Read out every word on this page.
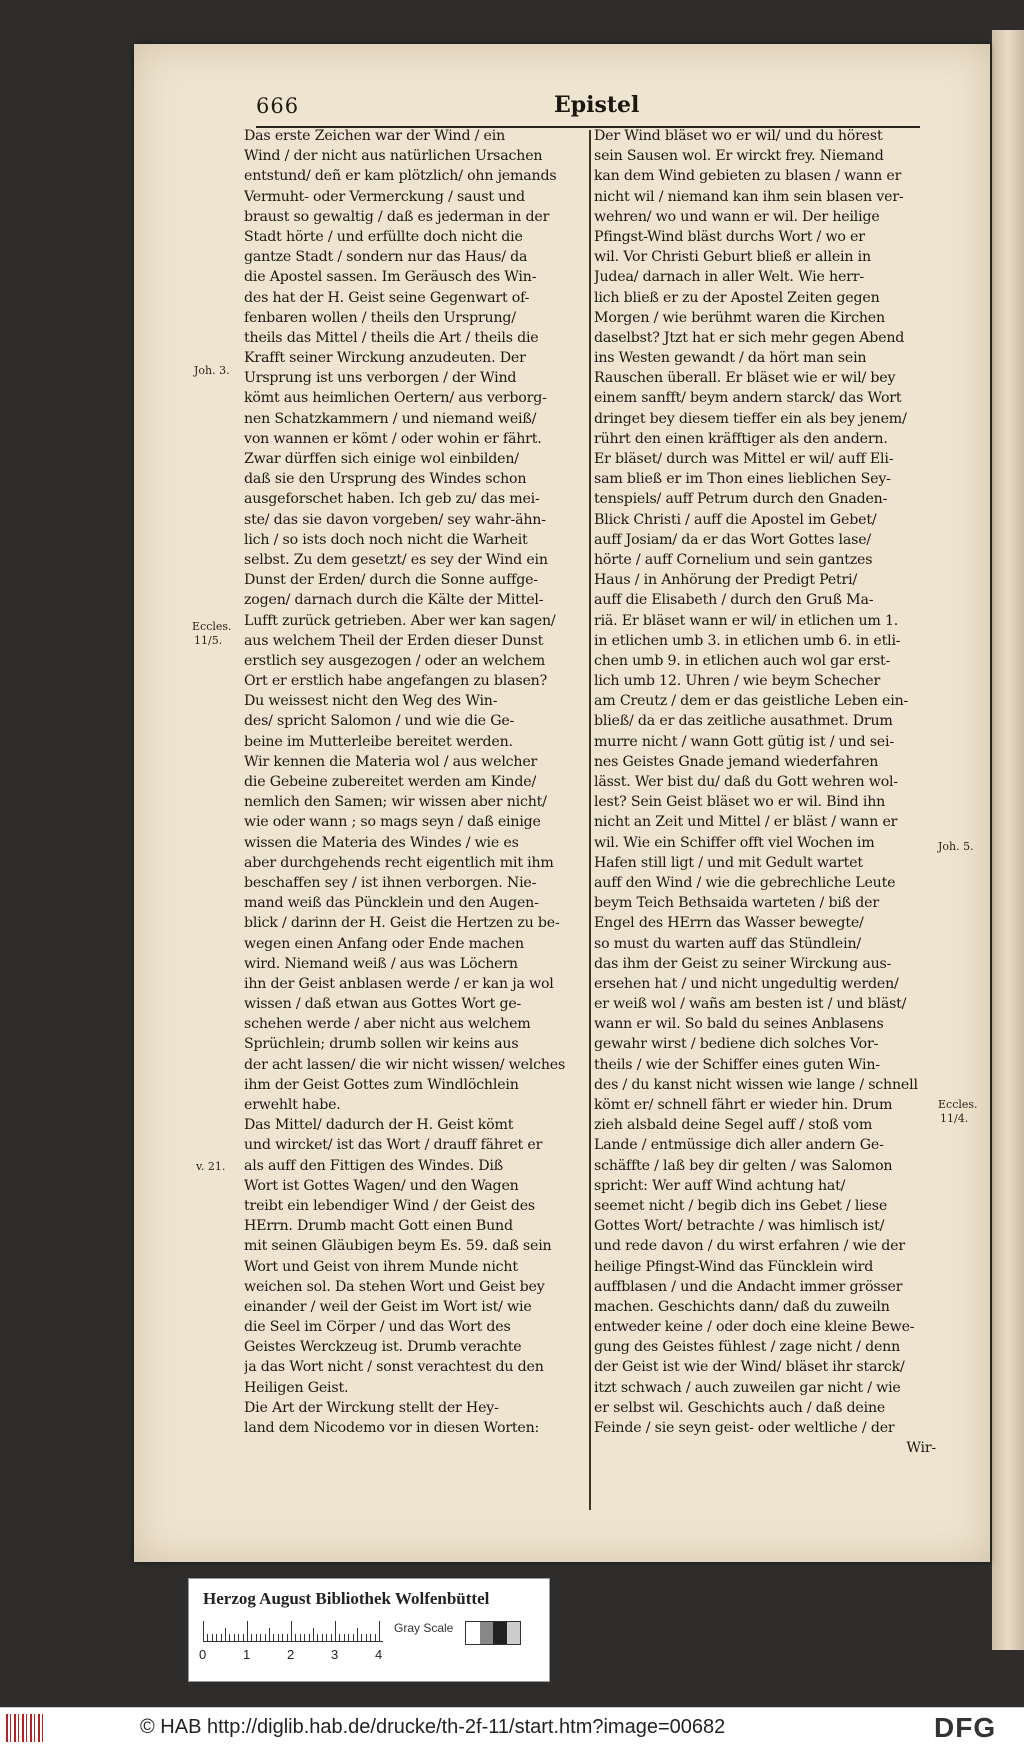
666	Epistel
Das erste Zeichen war der Wind / ein
Wind / der nicht aus natürlichen Ursachen
entstund/ deñ er kam plötzlich/ ohn jemands
Vermuht- oder Vermerckung / saust und
braust so gewaltig / daß es jederman in der
Stadt hörte / und erfüllte doch nicht die
gantze Stadt / sondern nur das Haus/ da
die Apostel sassen. Im Geräusch des Win-
des hat der H. Geist seine Gegenwart of-
fenbaren wollen / theils den Ursprung/
theils das Mittel / theils die Art / theils die
Krafft seiner Wirckung anzudeuten. Der
Ursprung ist uns verborgen / der Wind
kömt aus heimlichen Oertern/ aus verborg-
nen Schatzkammern / und niemand weiß/
von wannen er kömt / oder wohin er fährt.
Zwar dürffen sich einige wol einbilden/
daß sie den Ursprung des Windes schon
ausgeforschet haben. Ich geb zu/ das mei-
ste/ das sie davon vorgeben/ sey wahr-ähn-
lich / so ists doch noch nicht die Warheit
selbst. Zu dem gesetzt/ es sey der Wind ein
Dunst der Erden/ durch die Sonne auffge-
zogen/ darnach durch die Kälte der Mittel-
Lufft zurück getrieben. Aber wer kan sagen/
aus welchem Theil der Erden dieser Dunst
erstlich sey ausgezogen / oder an welchem
Ort er erstlich habe angefangen zu blasen?
Du weissest nicht den Weg des Win-
des/ spricht Salomon / und wie die Ge-
beine im Mutterleibe bereitet werden.
Wir kennen die Materia wol / aus welcher
die Gebeine zubereitet werden am Kinde/
nemlich den Samen; wir wissen aber nicht/
wie oder wann ; so mags seyn / daß einige
wissen die Materia des Windes / wie es
aber durchgehends recht eigentlich mit ihm
beschaffen sey / ist ihnen verborgen. Nie-
mand weiß das Püncklein und den Augen-
blick / darinn der H. Geist die Hertzen zu be-
wegen einen Anfang oder Ende machen
wird. Niemand weiß / aus was Löchern
ihn der Geist anblasen werde / er kan ja wol
wissen / daß etwan aus Gottes Wort ge-
schehen werde / aber nicht aus welchem
Sprüchlein; drumb sollen wir keins aus
der acht lassen/ die wir nicht wissen/ welches
ihm der Geist Gottes zum Windlöchlein
erwehlt habe.
Das Mittel/ dadurch der H. Geist kömt
und wircket/ ist das Wort / drauff fähret er
als auff den Fittigen des Windes. Diß
Wort ist Gottes Wagen/ und den Wagen
treibt ein lebendiger Wind / der Geist des
HErrn. Drumb macht Gott einen Bund
mit seinen Gläubigen beym Es. 59. daß sein
Wort und Geist von ihrem Munde nicht
weichen sol. Da stehen Wort und Geist bey
einander / weil der Geist im Wort ist/ wie
die Seel im Cörper / und das Wort des
Geistes Werckzeug ist. Drumb verachte
ja das Wort nicht / sonst verachtest du den
Heiligen Geist.
Die Art der Wirckung stellt der Hey-
land dem Nicodemo vor in diesen Worten:
Der Wind bläset wo er wil/ und du hörest
sein Sausen wol. Er wirckt frey. Niemand
kan dem Wind gebieten zu blasen / wann er
nicht wil / niemand kan ihm sein blasen ver-
wehren/ wo und wann er wil. Der heilige
Pfingst-Wind bläst durchs Wort / wo er
wil. Vor Christi Geburt bließ er allein in
Judea/ darnach in aller Welt. Wie herr-
lich bließ er zu der Apostel Zeiten gegen
Morgen / wie berühmt waren die Kirchen
daselbst? Jtzt hat er sich mehr gegen Abend
ins Westen gewandt / da hört man sein
Rauschen überall. Er bläset wie er wil/ bey
einem sanfft/ beym andern starck/ das Wort
dringet bey diesem tieffer ein als bey jenem/
rührt den einen kräfftiger als den andern.
Er bläset/ durch was Mittel er wil/ auff Eli-
sam bließ er im Thon eines lieblichen Sey-
tenspiels/ auff Petrum durch den Gnaden-
Blick Christi / auff die Apostel im Gebet/
auff Josiam/ da er das Wort Gottes lase/
hörte / auff Cornelium und sein gantzes
Haus / in Anhörung der Predigt Petri/
auff die Elisabeth / durch den Gruß Ma-
riä. Er bläset wann er wil/ in etlichen um 1.
in etlichen umb 3. in etlichen umb 6. in etli-
chen umb 9. in etlichen auch wol gar erst-
lich umb 12. Uhren / wie beym Schecher
am Creutz / dem er das geistliche Leben ein-
bließ/ da er das zeitliche ausathmet. Drum
murre nicht / wann Gott gütig ist / und sei-
nes Geistes Gnade jemand wiederfahren
lässt. Wer bist du/ daß du Gott wehren wol-
lest? Sein Geist bläset wo er wil. Bind ihn
nicht an Zeit und Mittel / er bläst / wann er
wil. Wie ein Schiffer offt viel Wochen im
Hafen still ligt / und mit Gedult wartet
auff den Wind / wie die gebrechliche Leute
beym Teich Bethsaida warteten / biß der
Engel des HErrn das Wasser bewegte/
so must du warten auff das Stündlein/
das ihm der Geist zu seiner Wirckung aus-
ersehen hat / und nicht ungedultig werden/
er weiß wol / wañs am besten ist / und bläst/
wann er wil. So bald du seines Anblasens
gewahr wirst / bediene dich solches Vor-
theils / wie der Schiffer eines guten Win-
des / du kanst nicht wissen wie lange / schnell
kömt er/ schnell fährt er wieder hin. Drum
zieh alsbald deine Segel auff / stoß vom
Lande / entmüssige dich aller andern Ge-
schäffte / laß bey dir gelten / was Salomon
spricht: Wer auff Wind achtung hat/
seemet nicht / begib dich ins Gebet / liese
Gottes Wort/ betrachte / was himlisch ist/
und rede davon / du wirst erfahren / wie der
heilige Pfingst-Wind das Füncklein wird
auffblasen / und die Andacht immer grösser
machen. Geschichts dann/ daß du zuweiln
entweder keine / oder doch eine kleine Bewe-
gung des Geistes fühlest / zage nicht / denn
der Geist ist wie der Wind/ bläset ihr starck/
itzt schwach / auch zuweilen gar nicht / wie
er selbst wil. Geschichts auch / daß deine
Feinde / sie seyn geist- oder weltliche / der
Wir-
Joh. 3.
Eccles.
11/5.
v. 21.
Joh. 5.
Eccles.
11/4.
Herzog August Bibliothek Wolfenbüttel
Gray Scale
0	1	2	3	4
© HAB http://diglib.hab.de/drucke/th-2f-11/start.htm?image=00682	DFG
